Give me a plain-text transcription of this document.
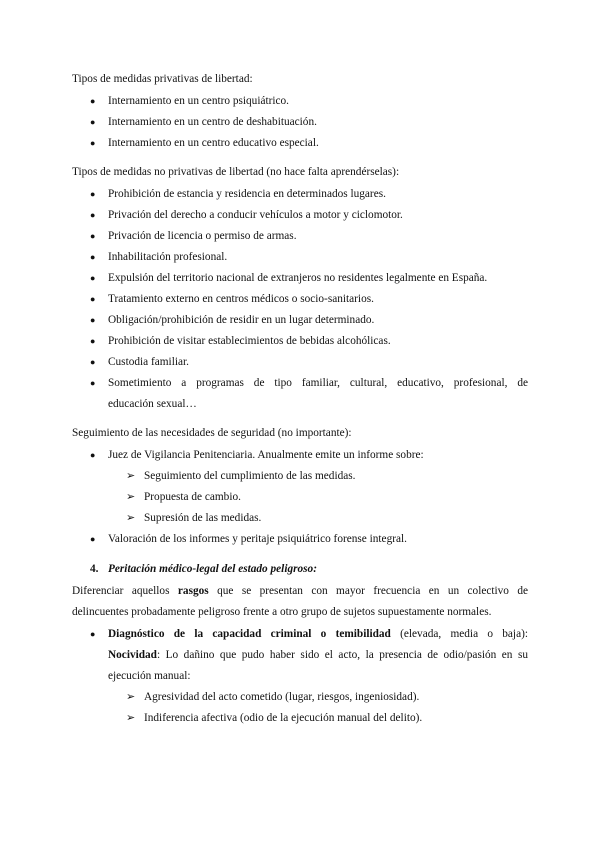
Tipos de medidas privativas de libertad:
● Internamiento en un centro psiquiátrico.
● Internamiento en un centro de deshabituación.
● Internamiento en un centro educativo especial.
Tipos de medidas no privativas de libertad (no hace falta aprendérselas):
● Prohibición de estancia y residencia en determinados lugares.
● Privación del derecho a conducir vehículos a motor y ciclomotor.
● Privación de licencia o permiso de armas.
● Inhabilitación profesional.
● Expulsión del territorio nacional de extranjeros no residentes legalmente en España.
● Tratamiento externo en centros médicos o socio-sanitarios.
● Obligación/prohibición de residir en un lugar determinado.
● Prohibición de visitar establecimientos de bebidas alcohólicas.
● Custodia familiar.
● Sometimiento a programas de tipo familiar, cultural, educativo, profesional, de
educación sexual…
Seguimiento de las necesidades de seguridad (no importante):
● Juez de Vigilancia Penitenciaria. Anualmente emite un informe sobre:
➢ Seguimiento del cumplimiento de las medidas.
➢ Propuesta de cambio.
➢ Supresión de las medidas.
● Valoración de los informes y peritaje psiquiátrico forense integral.
4. Peritación médico-legal del estado peligroso:
Diferenciar aquellos rasgos que se presentan con mayor frecuencia en un colectivo de
delincuentes probadamente peligroso frente a otro grupo de sujetos supuestamente normales.
● Diagnóstico de la capacidad criminal o temibilidad (elevada, media o baja):
Nocividad: Lo dañino que pudo haber sido el acto, la presencia de odio/pasión en su
ejecución manual:
➢ Agresividad del acto cometido (lugar, riesgos, ingeniosidad).
➢ Indiferencia afectiva (odio de la ejecución manual del delito).
